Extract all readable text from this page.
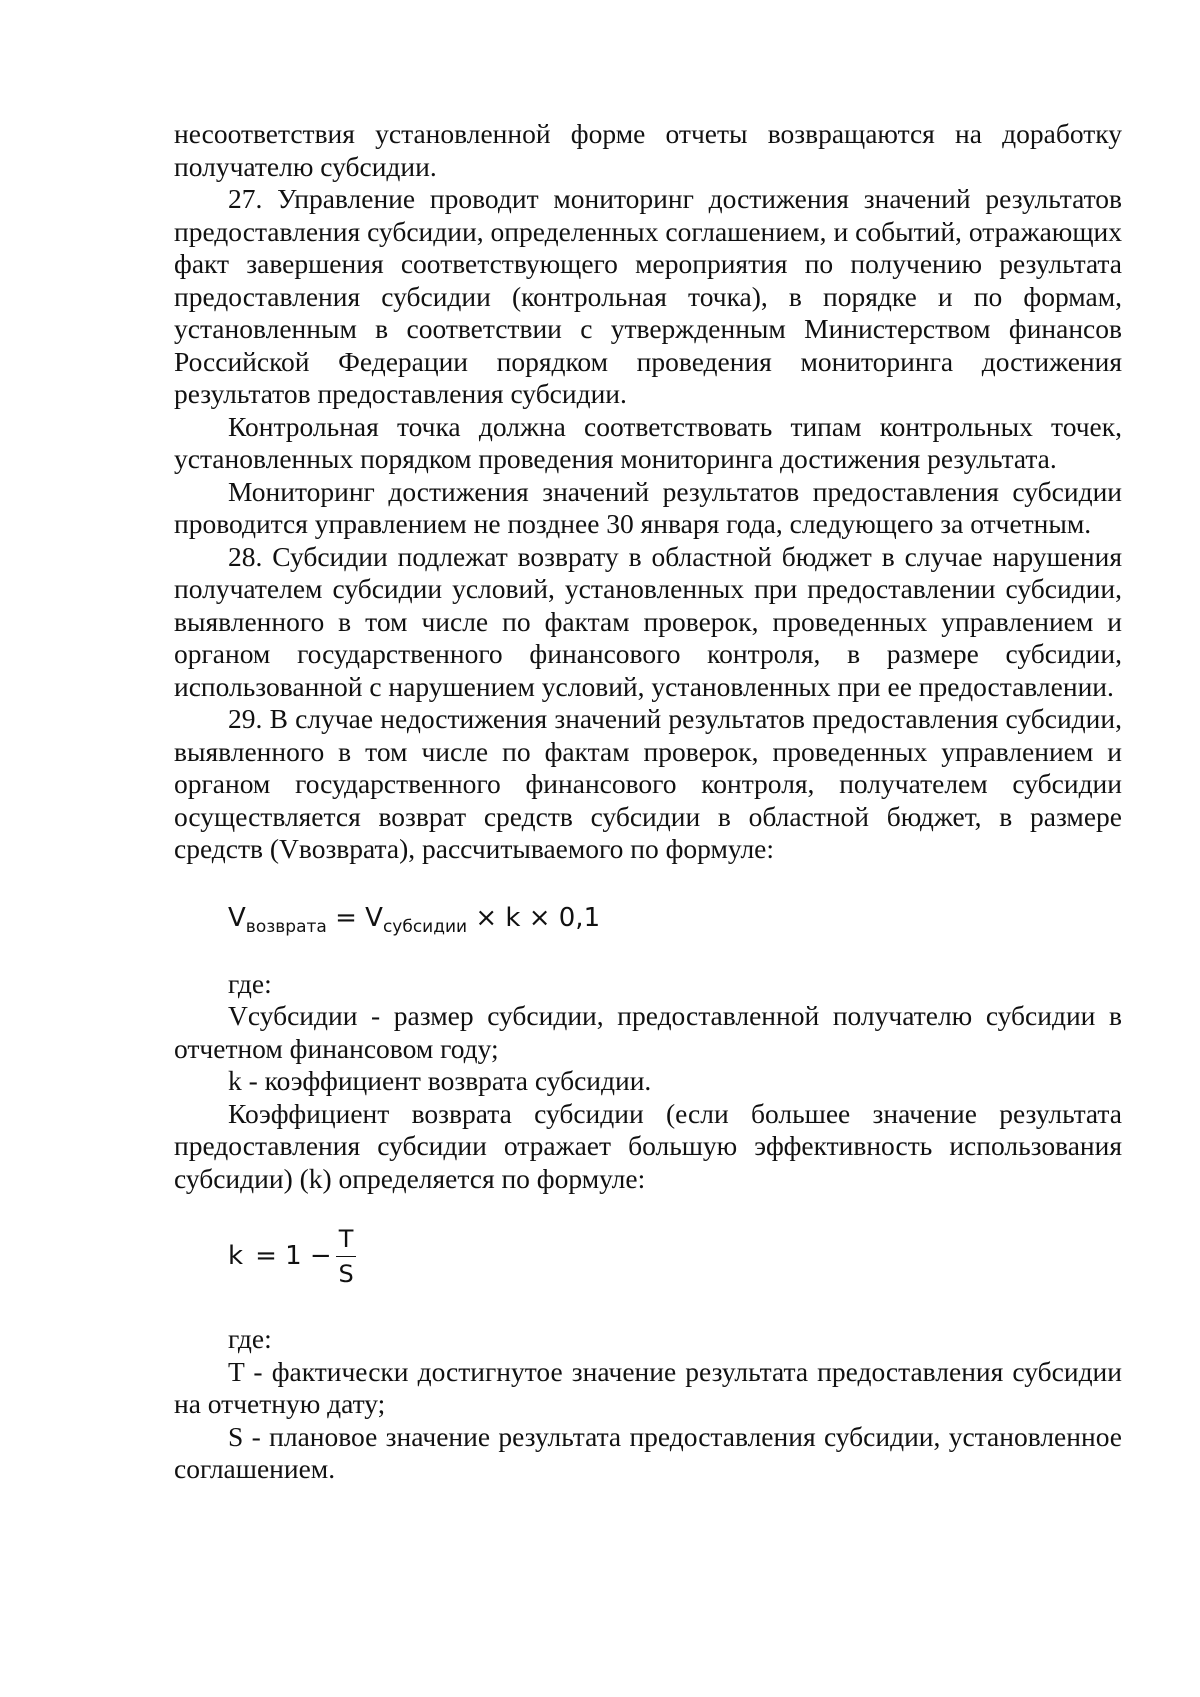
несоответствия установленной форме отчеты возвращаются на доработку получателю субсидии.

27. Управление проводит мониторинг достижения значений результатов предоставления субсидии, определенных соглашением, и событий, отражающих факт завершения соответствующего мероприятия по получению результата предоставления субсидии (контрольная точка), в порядке и по формам, установленным в соответствии с утвержденным Министерством финансов Российской Федерации порядком проведения мониторинга достижения результатов предоставления субсидии.

Контрольная точка должна соответствовать типам контрольных точек, установленных порядком проведения мониторинга достижения результата.

Мониторинг достижения значений результатов предоставления субсидии проводится управлением не позднее 30 января года, следующего за отчетным.

28. Субсидии подлежат возврату в областной бюджет в случае нарушения получателем субсидии условий, установленных при предоставлении субсидии, выявленного в том числе по фактам проверок, проведенных управлением и органом государственного финансового контроля, в размере субсидии, использованной с нарушением условий, установленных при ее предоставлении.

29. В случае недостижения значений результатов предоставления субсидии, выявленного в том числе по фактам проверок, проведенных управлением и органом государственного финансового контроля, получателем субсидии осуществляется возврат средств субсидии в областной бюджет, в размере средств (Vвозврата), рассчитываемого по формуле:

$V_{возврата} = V_{субсидии} \times k \times 0,1$

где:

Vсубсидии - размер субсидии, предоставленной получателю субсидии в отчетном финансовом году;

k - коэффициент возврата субсидии.

Коэффициент возврата субсидии (если большее значение результата предоставления субсидии отражает большую эффективность использования субсидии) (k) определяется по формуле:

$k = 1 - \frac{T}{S}$

где:

T - фактически достигнутое значение результата предоставления субсидии на отчетную дату;

S - плановое значение результата предоставления субсидии, установленное соглашением.
